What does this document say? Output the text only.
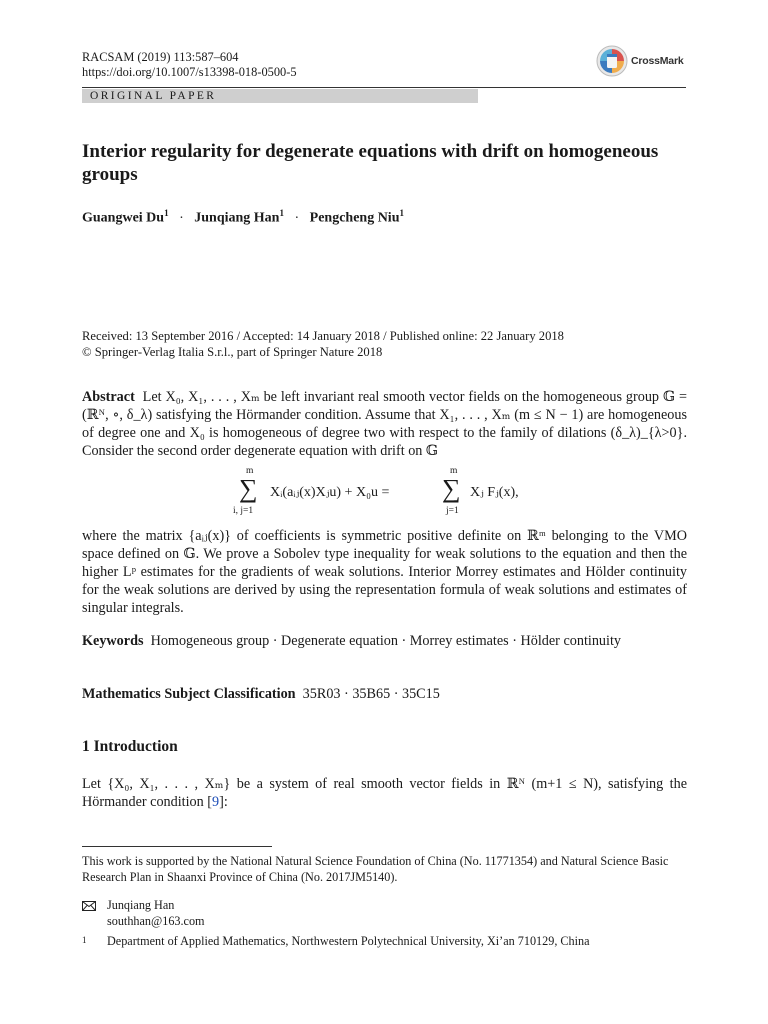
RACSAM (2019) 113:587–604
https://doi.org/10.1007/s13398-018-0500-5
CrossMark
ORIGINAL PAPER
Interior regularity for degenerate equations with drift on homogeneous groups
Guangwei $Du^1$ · Junqiang Han$^1$ · Pengcheng Niu$^1$
Received: 13 September 2016 / Accepted: 14 January 2018 / Published online: 22 January 2018
© Springer-Verlag Italia S.r.l., part of Springer Nature 2018
Abstract Let X₀, X₁, . . . , Xₘ be left invariant real smooth vector fields on the homogeneous group 𝔾 = (ℝᴺ, ∘, δ_λ) satisfying the Hörmander condition. Assume that X₁, . . . , Xₘ (m ≤ N − 1) are homogeneous of degree one and X₀ is homogeneous of degree two with respect to the family of dilations (δ_λ)_{λ>0}. Consider the second order degenerate equation with drift on 𝔾
m
∑
i, j=1
Xᵢ(aᵢⱼ(x)Xⱼu) + X₀u =
m
∑
j=1
Xⱼ Fⱼ(x),
where the matrix {aᵢⱼ(x)} of coefficients is symmetric positive definite on ℝᵐ belonging to the VMO space defined on 𝔾. We prove a Sobolev type inequality for weak solutions to the equation and then the higher Lᵖ estimates for the gradients of weak solutions. Interior Morrey estimates and Hölder continuity for the weak solutions are derived by using the representation formula of weak solutions and estimates of singular integrals.
Keywords Homogeneous group · Degenerate equation · Morrey estimates · Hölder continuity
Mathematics Subject Classification 35R03 · 35B65 · 35C15
1 Introduction
Let {X₀, X₁, . . . , Xₘ} be a system of real smooth vector fields in ℝᴺ (m+1 ≤ N), satisfying the Hörmander condition [9]:
This work is supported by the National Natural Science Foundation of China (No. 11771354) and Natural Science Basic Research Plan in Shaanxi Province of China (No. 2017JM5140).
Junqiang Han
southhan@163.com
1	Department of Applied Mathematics, Northwestern Polytechnical University, Xi’an 710129, China
